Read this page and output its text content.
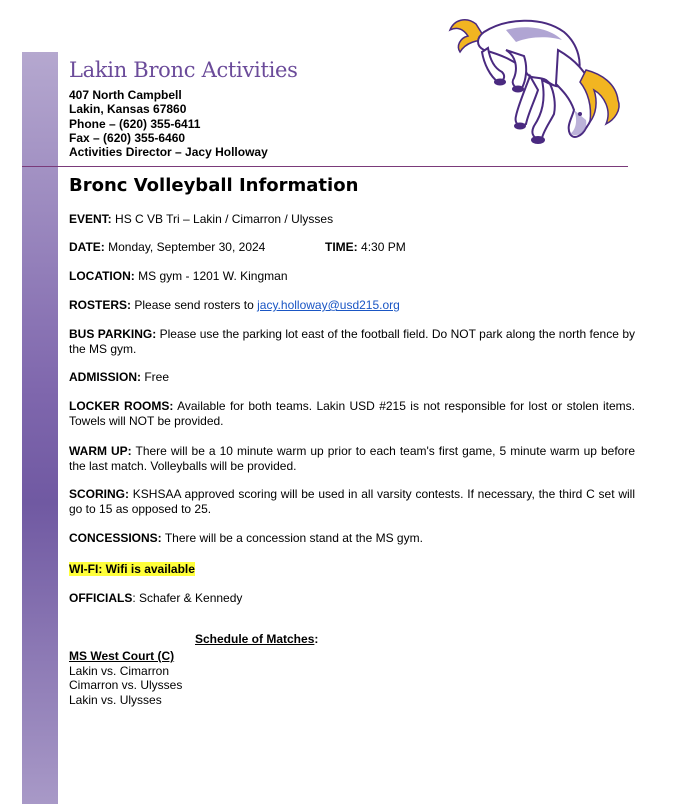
Lakin Bronc Activities
407 North Campbell
Lakin, Kansas 67860
Phone – (620) 355-6411
Fax – (620) 355-6460
Activities Director – Jacy Holloway
Bronc Volleyball Information

EVENT: HS C VB Tri – Lakin / Cimarron / Ulysses

DATE: Monday, September 30, 2024	TIME: 4:30 PM

LOCATION: MS gym - 1201 W. Kingman

ROSTERS: Please send rosters to jacy.holloway@usd215.org

BUS PARKING: Please use the parking lot east of the football field. Do NOT park along the north fence by the MS gym.

ADMISSION: Free

LOCKER ROOMS: Available for both teams. Lakin USD #215 is not responsible for lost or stolen items. Towels will NOT be provided.

WARM UP: There will be a 10 minute warm up prior to each team's first game, 5 minute warm up before the last match. Volleyballs will be provided.

SCORING: KSHSAA approved scoring will be used in all varsity contests. If necessary, the third C set will go to 15 as opposed to 25.

CONCESSIONS: There will be a concession stand at the MS gym.

WI-FI: Wifi is available

OFFICIALS: Schafer & Kennedy

Schedule of Matches:

MS West Court (C)
Lakin vs. Cimarron
Cimarron vs. Ulysses
Lakin vs. Ulysses
